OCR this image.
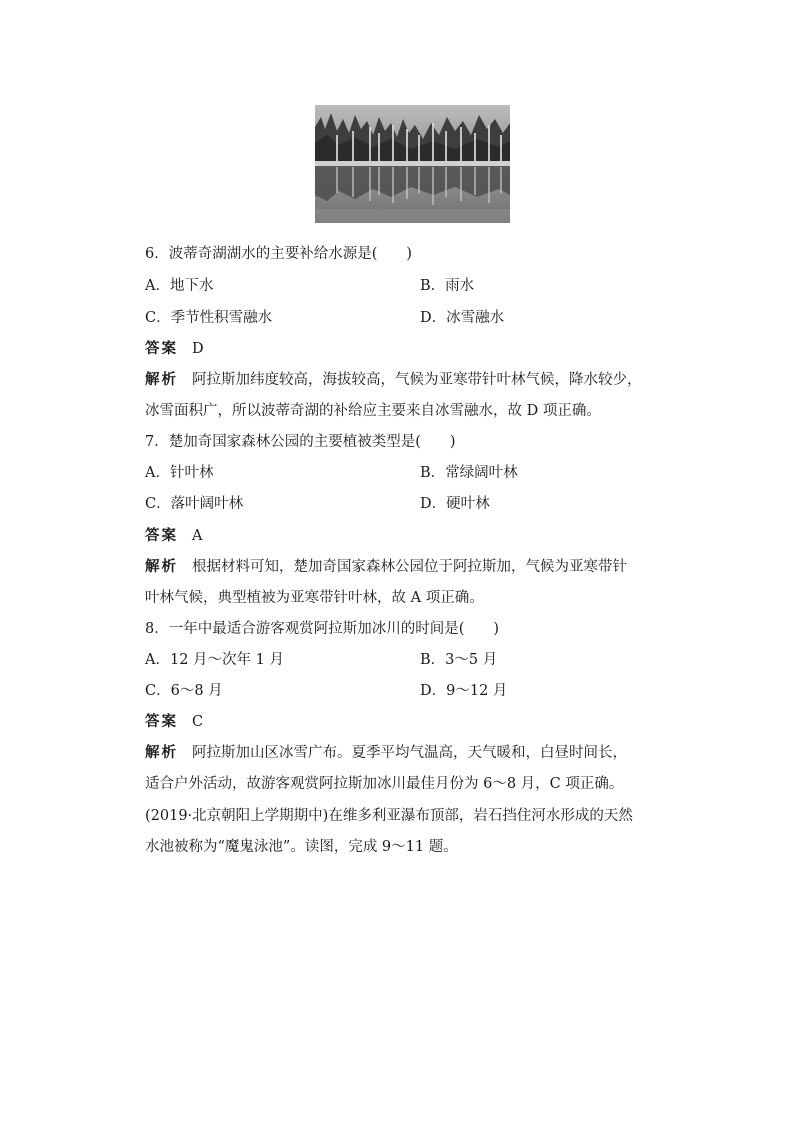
6．波蒂奇湖湖水的主要补给水源是(　　)
A．地下水	B．雨水
C．季节性积雪融水	D．冰雪融水
答案 D
解析 阿拉斯加纬度较高，海拔较高，气候为亚寒带针叶林气候，降水较少，
冰雪面积广，所以波蒂奇湖的补给应主要来自冰雪融水，故 D 项正确。
7．楚加奇国家森林公园的主要植被类型是(　　)
A．针叶林	B．常绿阔叶林
C．落叶阔叶林	D．硬叶林
答案 A
解析 根据材料可知，楚加奇国家森林公园位于阿拉斯加，气候为亚寒带针
叶林气候，典型植被为亚寒带针叶林，故 A 项正确。
8．一年中最适合游客观赏阿拉斯加冰川的时间是(　　)
A．12 月～次年 1 月	B．3～5 月
C．6～8 月	D．9～12 月
答案 C
解析 阿拉斯加山区冰雪广布。夏季平均气温高，天气暖和，白昼时间长，
适合户外活动，故游客观赏阿拉斯加冰川最佳月份为 6～8 月，C 项正确。
(2019·北京朝阳上学期期中)在维多利亚瀑布顶部，岩石挡住河水形成的天然
水池被称为“魔鬼泳池”。读图，完成 9～11 题。
